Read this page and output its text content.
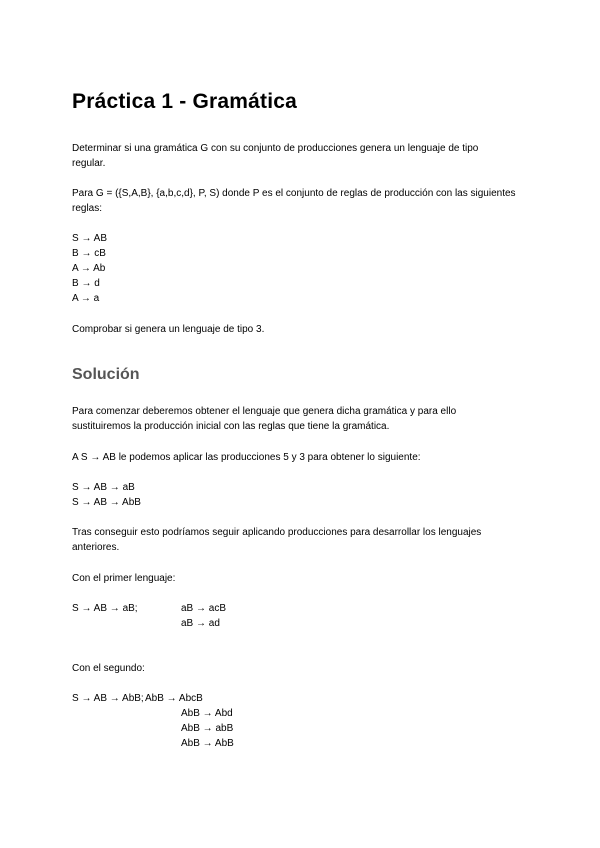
Práctica 1 - Gramática
Determinar si una gramática G con su conjunto de producciones genera un lenguaje de tipo
regular.
Para G = ({S,A,B}, {a,b,c,d}, P, S) donde P es el conjunto de reglas de producción con las siguientes
reglas:
S → AB
B → cB
A → Ab
B → d
A → a
Comprobar si genera un lenguaje de tipo 3.
Solución
Para comenzar deberemos obtener el lenguaje que genera dicha gramática y para ello
sustituiremos la producción inicial con las reglas que tiene la gramática.
A S → AB le podemos aplicar las producciones 5 y 3 para obtener lo siguiente:
S → AB → aB
S → AB → AbB
Tras conseguir esto podríamos seguir aplicando producciones para desarrollar los lenguajes
anteriores.
Con el primer lenguaje:
S → AB → aB;	aB → acB
aB → ad
Con el segundo:
S → AB → AbB; AbB → AbcB
AbB → Abd
AbB → abB
AbB → AbB
